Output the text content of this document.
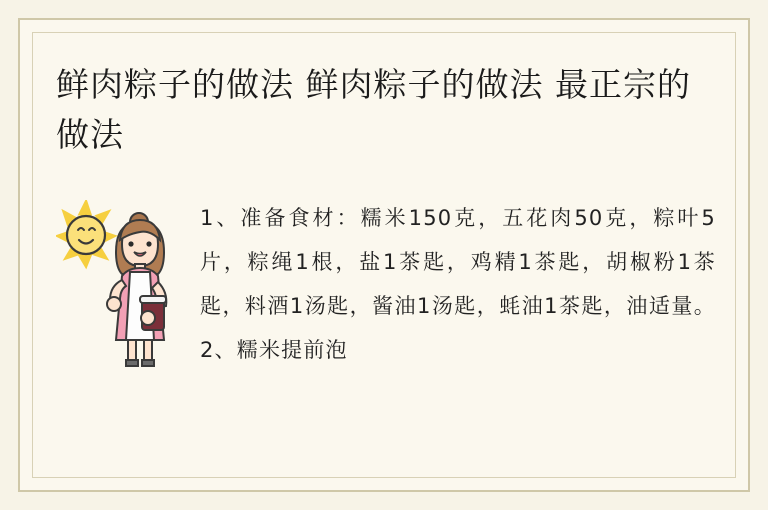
鲜肉粽子的做法 鲜肉粽子的做法 最正宗的做法
1、准备食材：糯米150克，五花肉50克，粽叶5片，粽绳1根，盐1茶匙，鸡精1茶匙，胡椒粉1茶匙，料酒1汤匙，酱油1汤匙，蚝油1茶匙，油适量。2、糯米提前泡
